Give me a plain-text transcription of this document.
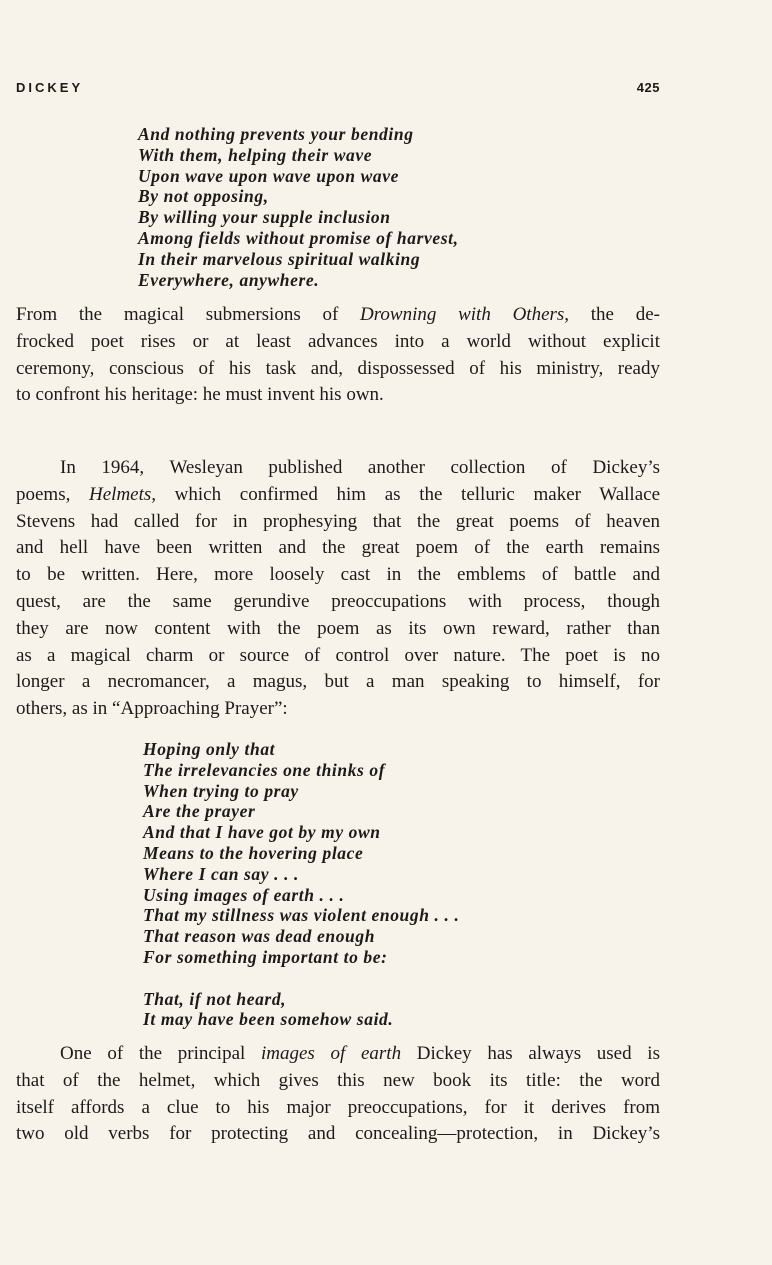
DICKEY	425
And nothing prevents your bending
With them, helping their wave
Upon wave upon wave upon wave
By not opposing,
By willing your supple inclusion
Among fields without promise of harvest,
In their marvelous spiritual walking
Everywhere, anywhere.
From the magical submersions of Drowning with Others, the de-
frocked poet rises or at least advances into a world without explicit
ceremony, conscious of his task and, dispossessed of his ministry, ready
to confront his heritage: he must invent his own.
In 1964, Wesleyan published another collection of Dickey’s
poems, Helmets, which confirmed him as the telluric maker Wallace
Stevens had called for in prophesying that the great poems of heaven
and hell have been written and the great poem of the earth remains
to be written. Here, more loosely cast in the emblems of battle and
quest, are the same gerundive preoccupations with process, though
they are now content with the poem as its own reward, rather than
as a magical charm or source of control over nature. The poet is no
longer a necromancer, a magus, but a man speaking to himself, for
others, as in “Approaching Prayer”:
Hoping only that
The irrelevancies one thinks of
When trying to pray
Are the prayer
And that I have got by my own
Means to the hovering place
Where I can say . . .
Using images of earth . . .
That my stillness was violent enough . . .
That reason was dead enough
For something important to be:
That, if not heard,
It may have been somehow said.
One of the principal images of earth Dickey has always used is
that of the helmet, which gives this new book its title: the word
itself affords a clue to his major preoccupations, for it derives from
two old verbs for protecting and concealing—protection, in Dickey’s
